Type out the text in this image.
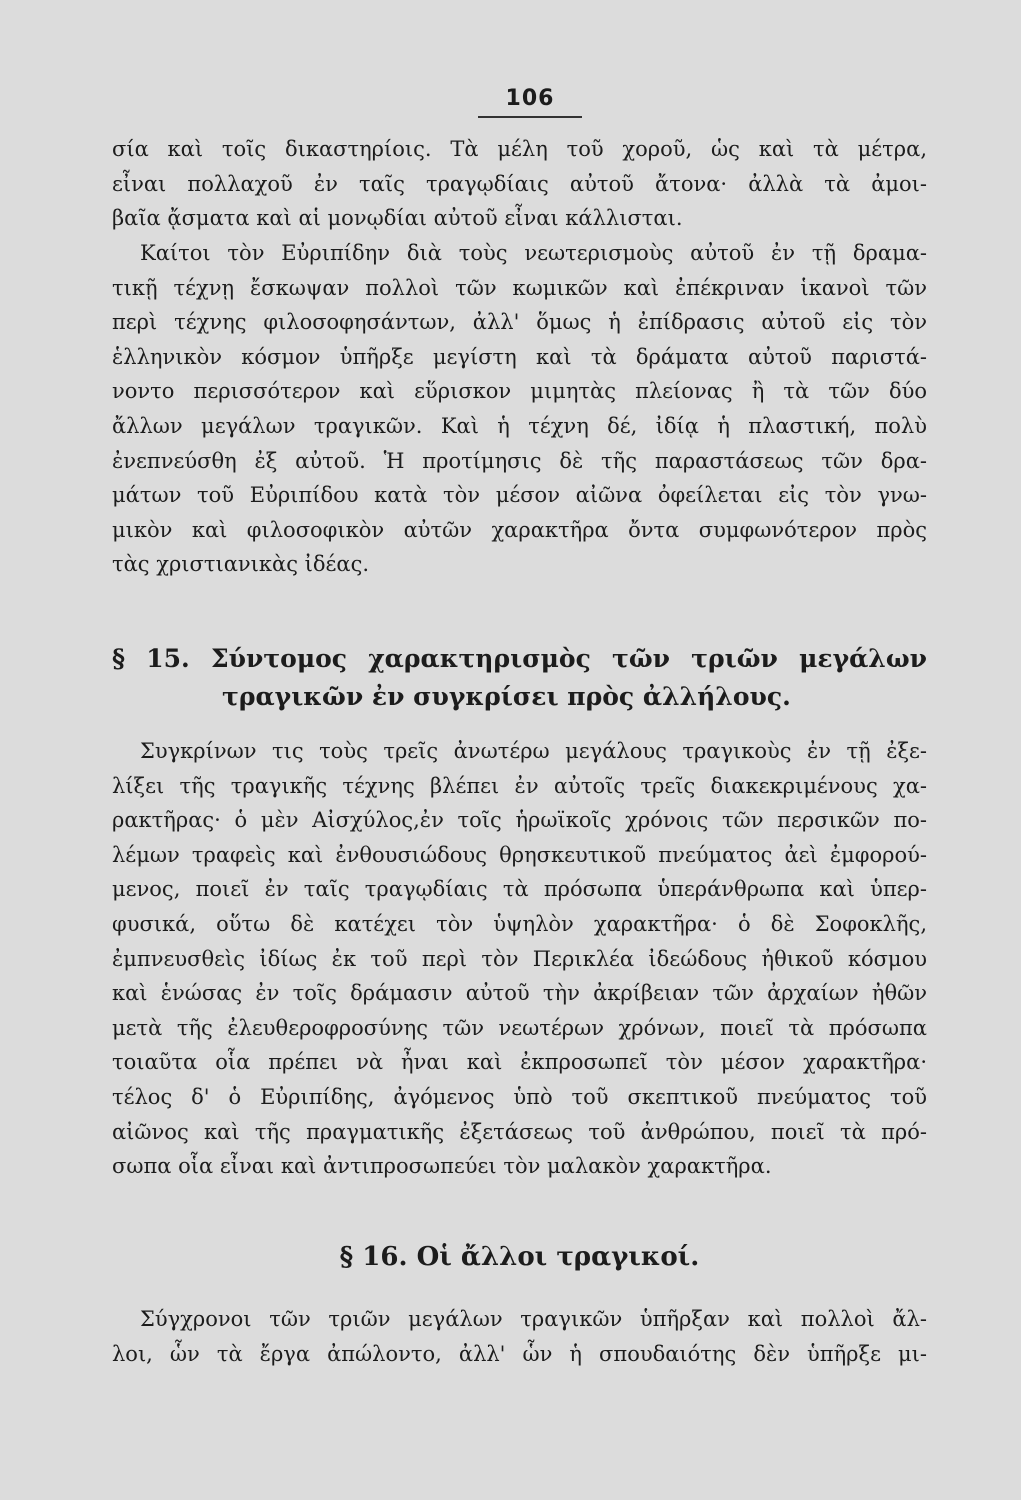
106
σία καὶ τοῖς δικαστηρίοις. Τὰ μέλη τοῦ χοροῦ, ὡς καὶ τὰ μέτρα,
εἶναι πολλαχοῦ ἐν ταῖς τραγῳδίαις αὐτοῦ ἄτονα· ἀλλὰ τὰ ἀμοι-
βαῖα ᾄσματα καὶ αἱ μονῳδίαι αὐτοῦ εἶναι κάλλισται.
Καίτοι τὸν Εὐριπίδην διὰ τοὺς νεωτερισμοὺς αὐτοῦ ἐν τῇ δραμα-
τικῇ τέχνῃ ἔσκωψαν πολλοὶ τῶν κωμικῶν καὶ ἐπέκριναν ἱκανοὶ τῶν
περὶ τέχνης φιλοσοφησάντων, ἀλλ' ὅμως ἡ ἐπίδρασις αὐτοῦ εἰς τὸν
ἑλληνικὸν κόσμον ὑπῆρξε μεγίστη καὶ τὰ δράματα αὐτοῦ παριστά-
νοντο περισσότερον καὶ εὕρισκον μιμητὰς πλείονας ἢ τὰ τῶν δύο
ἄλλων μεγάλων τραγικῶν. Καὶ ἡ τέχνη δέ, ἰδίᾳ ἡ πλαστική, πολὺ
ἐνεπνεύσθη ἐξ αὐτοῦ. Ἡ προτίμησις δὲ τῆς παραστάσεως τῶν δρα-
μάτων τοῦ Εὐριπίδου κατὰ τὸν μέσον αἰῶνα ὀφείλεται εἰς τὸν γνω-
μικὸν καὶ φιλοσοφικὸν αὐτῶν χαρακτῆρα ὄντα συμφωνότερον πρὸς
τὰς χριστιανικὰς ἰδέας.
§ 15. Σύντομος χαρακτηρισμὸς τῶν τριῶν μεγάλων
τραγικῶν ἐν συγκρίσει πρὸς ἀλλήλους.
Συγκρίνων τις τοὺς τρεῖς ἀνωτέρω μεγάλους τραγικοὺς ἐν τῇ ἐξε-
λίξει τῆς τραγικῆς τέχνης βλέπει ἐν αὐτοῖς τρεῖς διακεκριμένους χα-
ρακτῆρας· ὁ μὲν Αἰσχύλος,ἐν τοῖς ἡρωϊκοῖς χρόνοις τῶν περσικῶν πο-
λέμων τραφεὶς καὶ ἐνθουσιώδους θρησκευτικοῦ πνεύματος ἀεὶ ἐμφορού-
μενος, ποιεῖ ἐν ταῖς τραγῳδίαις τὰ πρόσωπα ὑπεράνθρωπα καὶ ὑπερ-
φυσικά, οὕτω δὲ κατέχει τὸν ὑψηλὸν χαρακτῆρα· ὁ δὲ Σοφοκλῆς,
ἐμπνευσθεὶς ἰδίως ἐκ τοῦ περὶ τὸν Περικλέα ἰδεώδους ἠθικοῦ κόσμου
καὶ ἑνώσας ἐν τοῖς δράμασιν αὐτοῦ τὴν ἀκρίβειαν τῶν ἀρχαίων ἠθῶν
μετὰ τῆς ἐλευθεροφροσύνης τῶν νεωτέρων χρόνων, ποιεῖ τὰ πρόσωπα
τοιαῦτα οἷα πρέπει νὰ ἦναι καὶ ἐκπροσωπεῖ τὸν μέσον χαρακτῆρα·
τέλος δ' ὁ Εὐριπίδης, ἀγόμενος ὑπὸ τοῦ σκεπτικοῦ πνεύματος τοῦ
αἰῶνος καὶ τῆς πραγματικῆς ἐξετάσεως τοῦ ἀνθρώπου, ποιεῖ τὰ πρό-
σωπα οἷα εἶναι καὶ ἀντιπροσωπεύει τὸν μαλακὸν χαρακτῆρα.
§ 16. Οἱ ἄλλοι τραγικοί.
Σύγχρονοι τῶν τριῶν μεγάλων τραγικῶν ὑπῆρξαν καὶ πολλοὶ ἄλ-
λοι, ὧν τὰ ἔργα ἀπώλοντο, ἀλλ' ὧν ἡ σπουδαιότης δὲν ὑπῆρξε μι-
